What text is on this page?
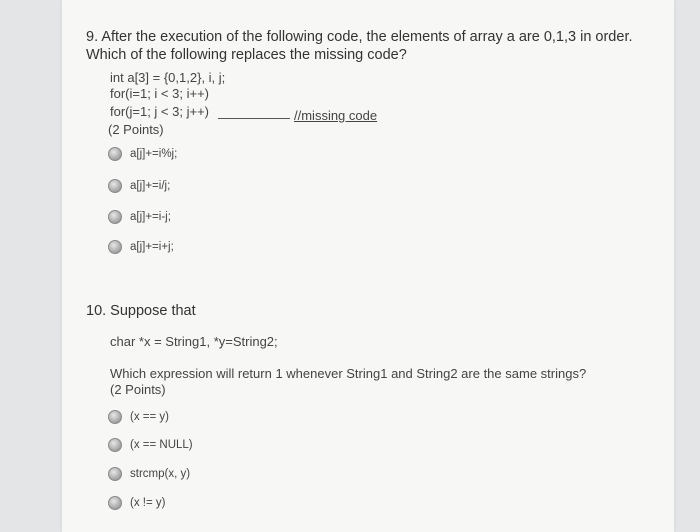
9. After the execution of the following code, the elements of array a are 0,1,3 in order. Which of the following replaces the missing code?
int a[3] = {0,1,2}, i, j;
for(i=1; i < 3; i++)
for(j=1; j < 3; j++)	//missing code
(2 Points)
a[j]+=i%j;
a[j]+=i/j;
a[j]+=i-j;
a[j]+=i+j;
10. Suppose that
char *x = String1, *y=String2;
Which expression will return 1 whenever String1 and String2 are the same strings?
(2 Points)
(x == y)
(x == NULL)
strcmp(x, y)
(x != y)
